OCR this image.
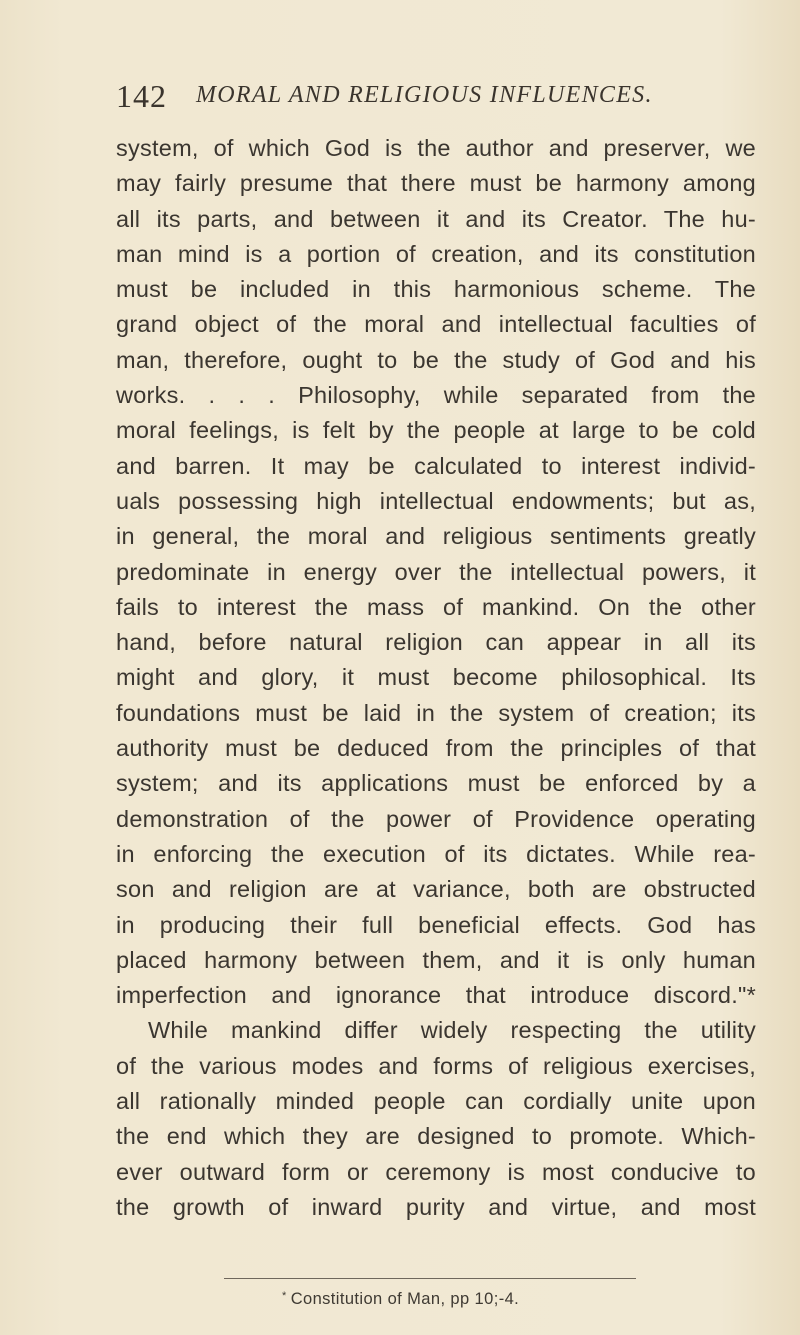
142 MORAL AND RELIGIOUS INFLUENCES.
system, of which God is the author and preserver, we
may fairly presume that there must be harmony among
all its parts, and between it and its Creator. The hu-
man mind is a portion of creation, and its constitution
must be included in this harmonious scheme. The
grand object of the moral and intellectual faculties of
man, therefore, ought to be the study of God and his
works. . . . Philosophy, while separated from the
moral feelings, is felt by the people at large to be cold
and barren. It may be calculated to interest individ-
uals possessing high intellectual endowments; but as,
in general, the moral and religious sentiments greatly
predominate in energy over the intellectual powers, it
fails to interest the mass of mankind. On the other
hand, before natural religion can appear in all its
might and glory, it must become philosophical. Its
foundations must be laid in the system of creation; its
authority must be deduced from the principles of that
system; and its applications must be enforced by a
demonstration of the power of Providence operating
in enforcing the execution of its dictates. While rea-
son and religion are at variance, both are obstructed
in producing their full beneficial effects. God has
placed harmony between them, and it is only human
imperfection and ignorance that introduce discord."*
While mankind differ widely respecting the utility
of the various modes and forms of religious exercises,
all rationally minded people can cordially unite upon
the end which they are designed to promote. Which-
ever outward form or ceremony is most conducive to
the growth of inward purity and virtue, and most
* Constitution of Man, pp 10;-4.
